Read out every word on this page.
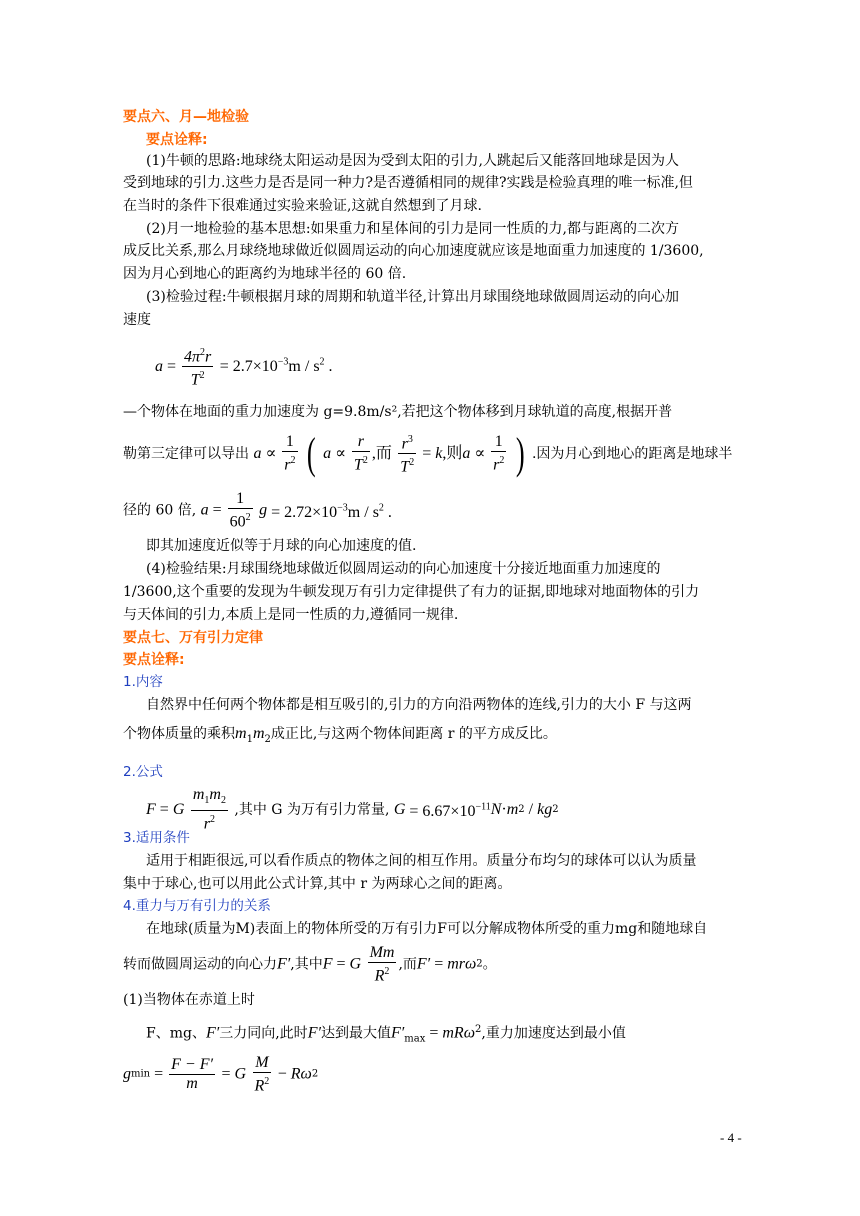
要点六、月—地检验
要点诠释:
(1)牛顿的思路:地球绕太阳运动是因为受到太阳的引力,人跳起后又能落回地球是因为人
受到地球的引力.这些力是否是同一种力?是否遵循相同的规律?实践是检验真理的唯一标准,但
在当时的条件下很难通过实验来验证,这就自然想到了月球.
(2)月一地检验的基本思想:如果重力和星体间的引力是同一性质的力,都与距离的二次方
成反比关系,那么月球绕地球做近似圆周运动的向心加速度就应该是地面重力加速度的 1/3600,
因为月心到地心的距离约为地球半径的 60 倍.
(3)检验过程:牛顿根据月球的周期和轨道半径,计算出月球围绕地球做圆周运动的向心加
速度
$a = \frac{4\pi^2r}{T^2} = 2.7\times 10^{-3}m / s^2$ .
—个物体在地面的重力加速度为 g=9.8m/s²,若把这个物体移到月球轨道的高度,根据开普
勒第三定律可以导出 $a \propto \frac{1}{r^2}$ ( $a \propto \frac{r}{T^2}$ ,而 $\frac{r^3}{T^2} = k$,则$a \propto \frac{1}{r^2}$ ) .因为月心到地心的距离是地球半
径的 60 倍, $a = \frac{1}{60^2}$ $g = 2.72\times 10^{-3}m / s^2$ .
即其加速度近似等于月球的向心加速度的值.
(4)检验结果:月球围绕地球做近似圆周运动的向心加速度十分接近地面重力加速度的
1/3600,这个重要的发现为牛顿发现万有引力定律提供了有力的证据,即地球对地面物体的引力
与天体间的引力,本质上是同一性质的力,遵循同一规律.
要点七、万有引力定律
要点诠释:
1.内容
自然界中任何两个物体都是相互吸引的,引力的方向沿两物体的连线,引力的大小 F 与这两
个物体质量的乘积$m_1m_2$成正比,与这两个物体间距离 r 的平方成反比。
2.公式
F = G $\frac{m_1m_2}{r^2}$ ,其中 G 为万有引力常量, $G = 6.67\times 10^{-11}N\cdot m2 / kg2$
3.适用条件
适用于相距很远,可以看作质点的物体之间的相互作用。质量分布均匀的球体可以认为质量
集中于球心,也可以用此公式计算,其中 r 为两球心之间的距离。
4.重力与万有引力的关系
在地球(质量为M)表面上的物体所受的万有引力F可以分解成物体所受的重力mg和随地球自
转而做圆周运动的向心力F′,其中F = G $\frac{Mm}{R^2}$ ,而F′ = mrω2。
(1)当物体在赤道上时
F、mg、F′三力同向,此时F′达到最大值$F'_{max} = mR\omega^2$,重力加速度达到最小值
$gmin = \frac{F - F'}{m} = G \frac{M}{R^2} - R\omega 2$
- 4 -
